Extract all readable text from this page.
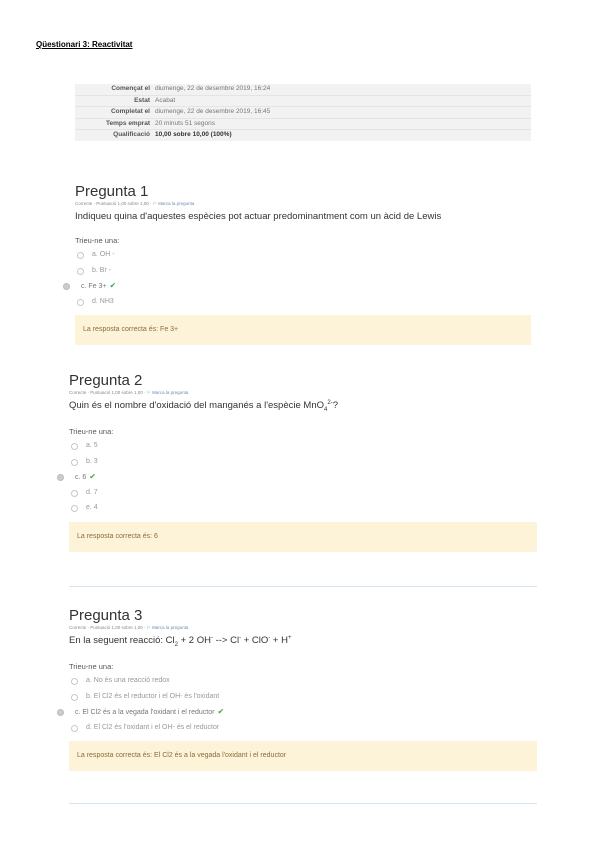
Qüestionari 3: Reactivitat
Començat el diumenge, 22 de desembre 2019, 16:24
Estat Acabat
Completat el diumenge, 22 de desembre 2019, 16:45
Temps emprat 20 minuts 51 segons
Qualificació 10,00 sobre 10,00 (100%)
Pregunta 1
Correcte · Puntuació 1,00 sobre 1,00 · ⚐ Marca la pregunta
Indiqueu quina d'aquestes espècies pot actuar predominantment com un àcid de Lewis
Trieu-ne una:
a. OH -
b. Br -
c. Fe 3+ ✔
d. NH3
La resposta correcta és: Fe 3+
Pregunta 2
Correcte · Puntuació 1,00 sobre 1,00 · ⚐ Marca la pregunta
Quin és el nombre d'oxidació del manganés a l'espècie MnO$_4^{2-}$?
Trieu-ne una:
a. 5
b. 3
c. 6 ✔
d. 7
e. 4
La resposta correcta és: 6
Pregunta 3
Correcte · Puntuació 1,00 sobre 1,00 · ⚐ Marca la pregunta
En la seguent reacció: $Cl_2 + 2$ OH- --> Cl- + ClO- + H+
Trieu-ne una:
a. No és una reacció redox
b. El Cl2 és el reductor i el OH- és l'oxidant
c. El Cl2 és a la vegada l'oxidant i el reductor ✔
d. El Cl2 és l'oxidant i el OH- és el reductor
La resposta correcta és: El Cl2 és a la vegada l'oxidant i el reductor
